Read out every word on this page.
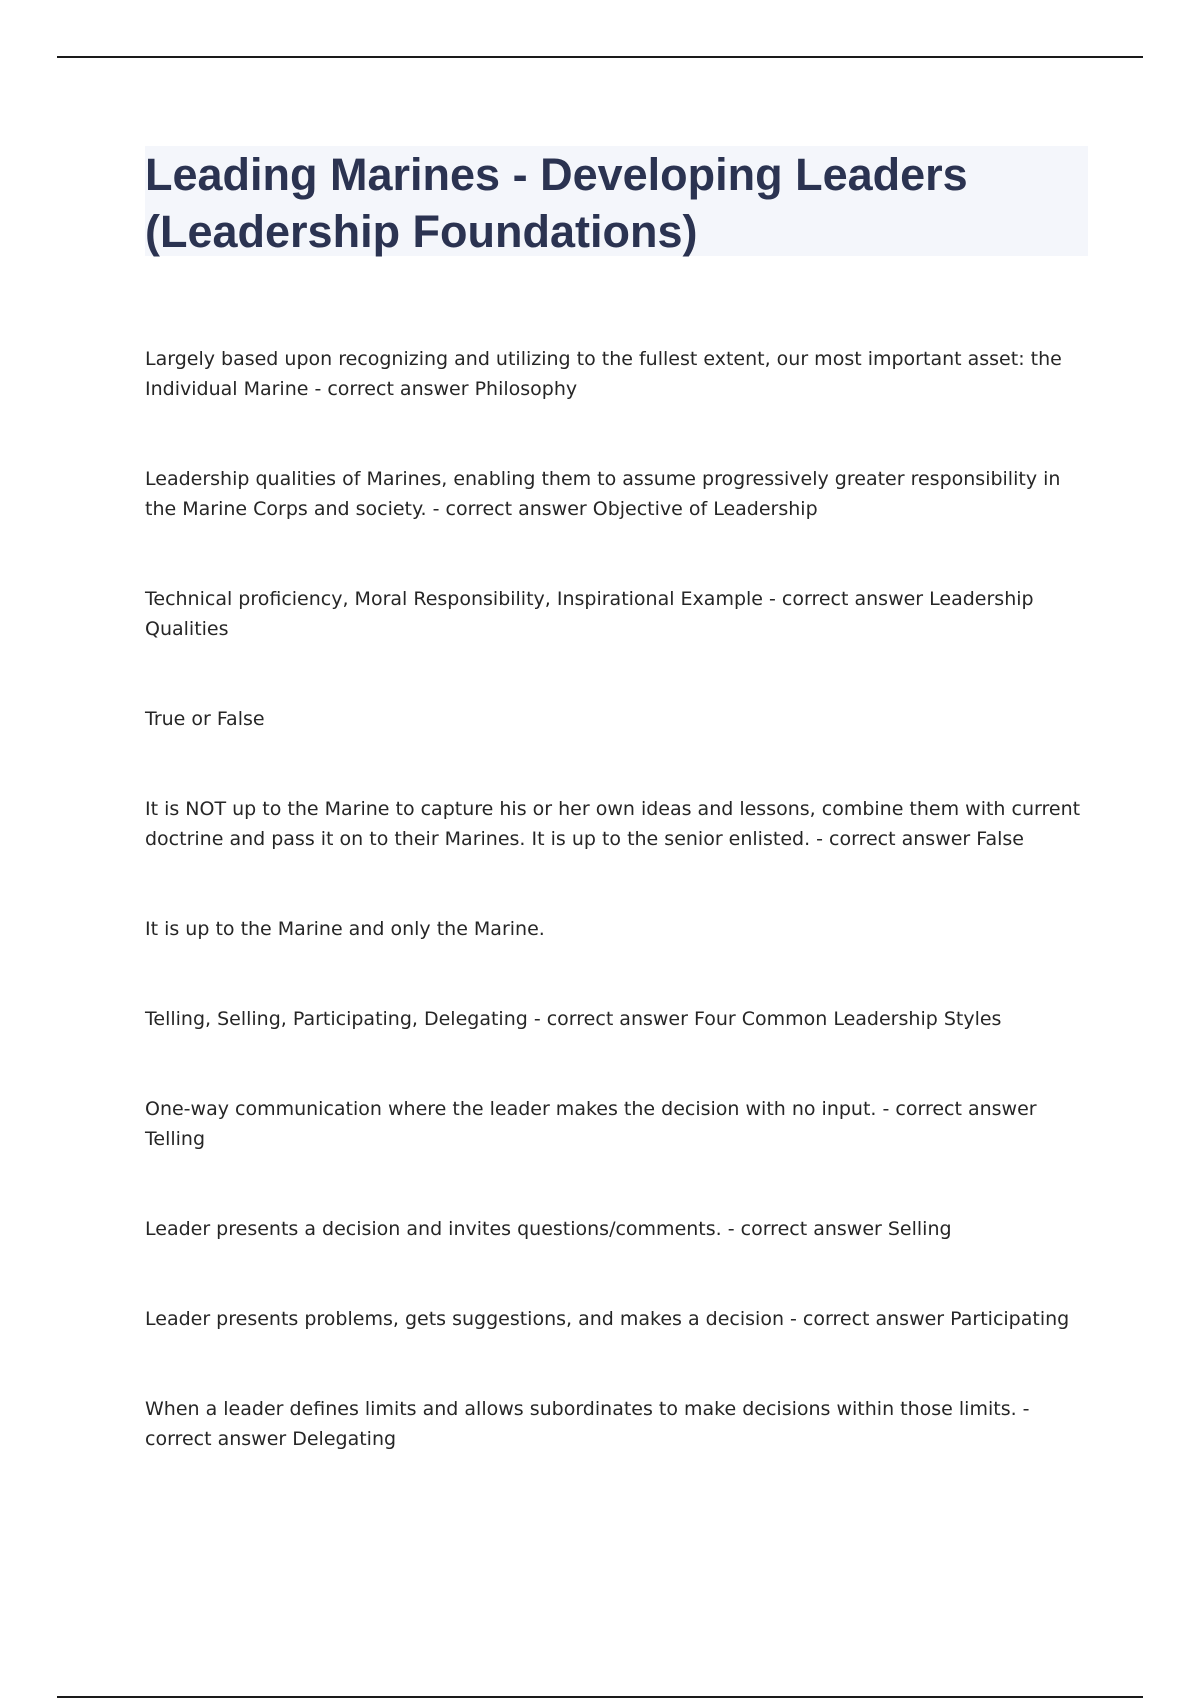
Leading Marines - Developing Leaders (Leadership Foundations)

Largely based upon recognizing and utilizing to the fullest extent, our most important asset: the Individual Marine - correct answer Philosophy

Leadership qualities of Marines, enabling them to assume progressively greater responsibility in the Marine Corps and society. - correct answer Objective of Leadership

Technical proficiency, Moral Responsibility, Inspirational Example - correct answer Leadership Qualities

True or False

It is NOT up to the Marine to capture his or her own ideas and lessons, combine them with current doctrine and pass it on to their Marines. It is up to the senior enlisted. - correct answer False

It is up to the Marine and only the Marine.

Telling, Selling, Participating, Delegating - correct answer Four Common Leadership Styles

One-way communication where the leader makes the decision with no input. - correct answer Telling

Leader presents a decision and invites questions/comments. - correct answer Selling

Leader presents problems, gets suggestions, and makes a decision - correct answer Participating

When a leader defines limits and allows subordinates to make decisions within those limits. - correct answer Delegating
